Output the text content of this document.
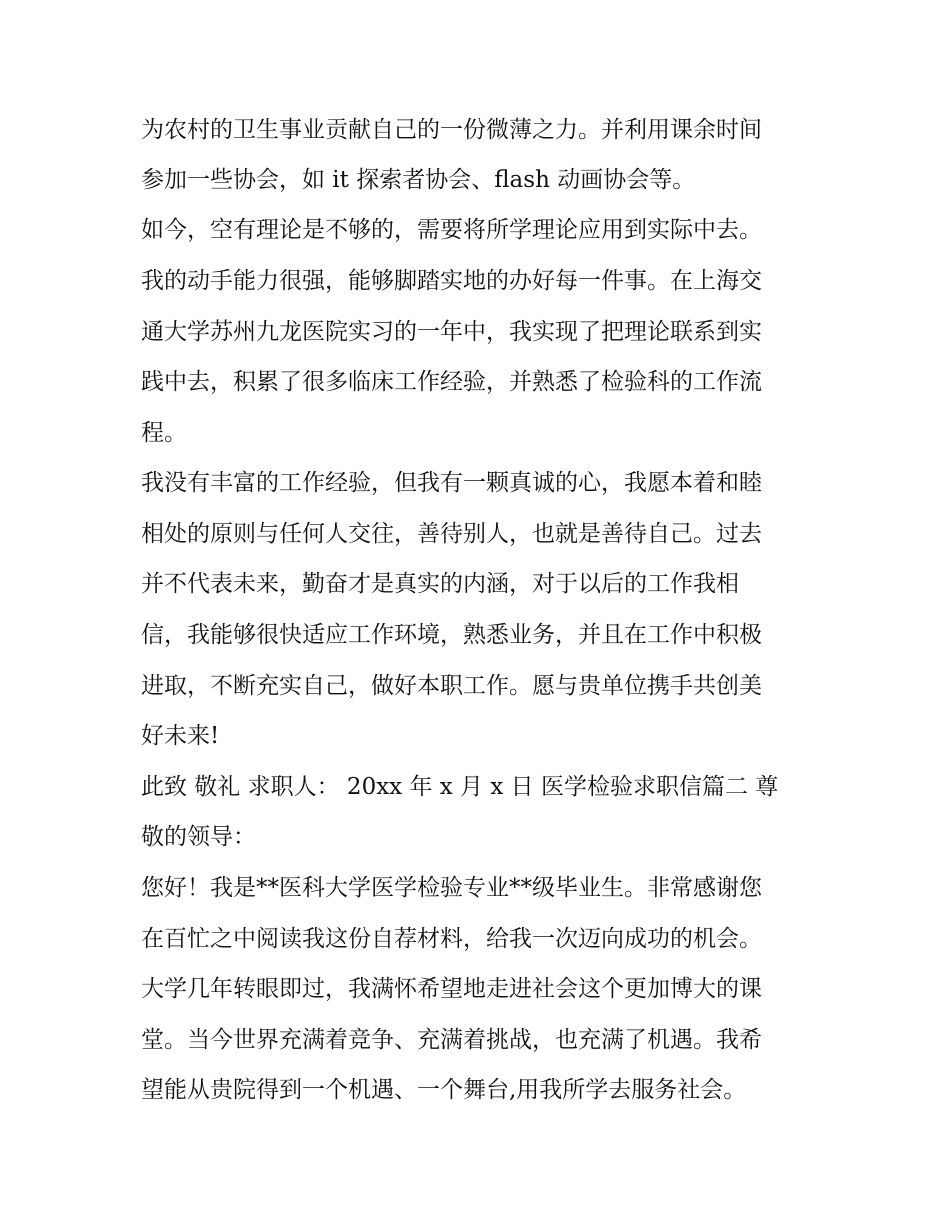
为农村的卫生事业贡献自己的一份微薄之力。并利用课余时间
参加一些协会，如 it 探索者协会、flash 动画协会等。
如今，空有理论是不够的，需要将所学理论应用到实际中去。
我的动手能力很强，能够脚踏实地的办好每一件事。在上海交
通大学苏州九龙医院实习的一年中，我实现了把理论联系到实
践中去，积累了很多临床工作经验，并熟悉了检验科的工作流
程。
我没有丰富的工作经验，但我有一颗真诚的心，我愿本着和睦
相处的原则与任何人交往，善待别人，也就是善待自己。过去
并不代表未来，勤奋才是真实的内涵，对于以后的工作我相
信，我能够很快适应工作环境，熟悉业务，并且在工作中积极
进取，不断充实自己，做好本职工作。愿与贵单位携手共创美
好未来!
此致 敬礼 求职人： 20xx 年 x 月 x 日 医学检验求职信篇二 尊
敬的领导：
您好！我是**医科大学医学检验专业**级毕业生。非常感谢您
在百忙之中阅读我这份自荐材料，给我一次迈向成功的机会。
大学几年转眼即过，我满怀希望地走进社会这个更加博大的课
堂。当今世界充满着竞争、充满着挑战，也充满了机遇。我希
望能从贵院得到一个机遇、一个舞台,用我所学去服务社会。
